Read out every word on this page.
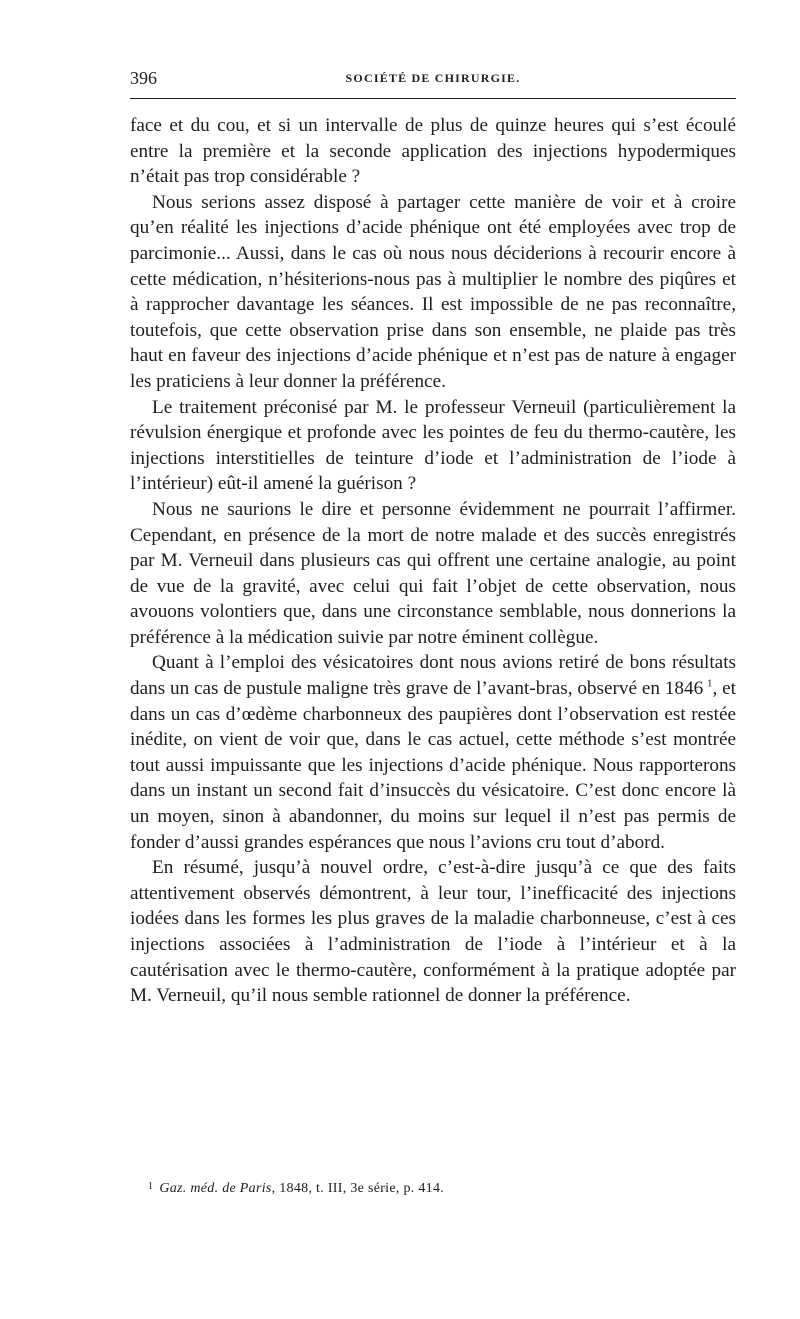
396	SOCIÉTÉ DE CHIRURGIE.

face et du cou, et si un intervalle de plus de quinze heures qui s’est écoulé entre la première et la seconde application des injections hypodermiques n’était pas trop considérable ?

Nous serions assez disposé à partager cette manière de voir et à croire qu’en réalité les injections d’acide phénique ont été employées avec trop de parcimonie... Aussi, dans le cas où nous nous déciderions à recourir encore à cette médication, n’hésiterions-nous pas à multiplier le nombre des piqûres et à rapprocher davantage les séances. Il est impossible de ne pas reconnaître, toutefois, que cette observation prise dans son ensemble, ne plaide pas très haut en faveur des injections d’acide phénique et n’est pas de nature à engager les praticiens à leur donner la préférence.

Le traitement préconisé par M. le professeur Verneuil (particulièrement la révulsion énergique et profonde avec les pointes de feu du thermo-cautère, les injections interstitielles de teinture d’iode et l’administration de l’iode à l’intérieur) eût-il amené la guérison ?

Nous ne saurions le dire et personne évidemment ne pourrait l’affirmer. Cependant, en présence de la mort de notre malade et des succès enregistrés par M. Verneuil dans plusieurs cas qui offrent une certaine analogie, au point de vue de la gravité, avec celui qui fait l’objet de cette observation, nous avouons volontiers que, dans une circonstance semblable, nous donnerions la préférence à la médication suivie par notre éminent collègue.

Quant à l’emploi des vésicatoires dont nous avions retiré de bons résultats dans un cas de pustule maligne très grave de l’avant-bras, observé en 1846  $^1$, et dans un cas d’œdème charbonneux des paupières dont l’observation est restée inédite, on vient de voir que, dans le cas actuel, cette méthode s’est montrée tout aussi impuissante que les injections d’acide phénique. Nous rapporterons dans un instant un second fait d’insuccès du vésicatoire. C’est donc encore là un moyen, sinon à abandonner, du moins sur lequel il n’est pas permis de fonder d’aussi grandes espérances que nous l’avions cru tout d’abord.

En résumé, jusqu’à nouvel ordre, c’est-à-dire jusqu’à ce que des faits attentivement observés démontrent, à leur tour, l’inefficacité des injections iodées dans les formes les plus graves de la maladie charbonneuse, c’est à ces injections associées à l’administration de l’iode à l’intérieur et à la cautérisation avec le thermo-cautère, conformément à la pratique adoptée par M. Verneuil, qu’il nous semble rationnel de donner la préférence.

$^1$ Gaz. méd. de Paris, 1848, t. III, 3e série, p. 414.
